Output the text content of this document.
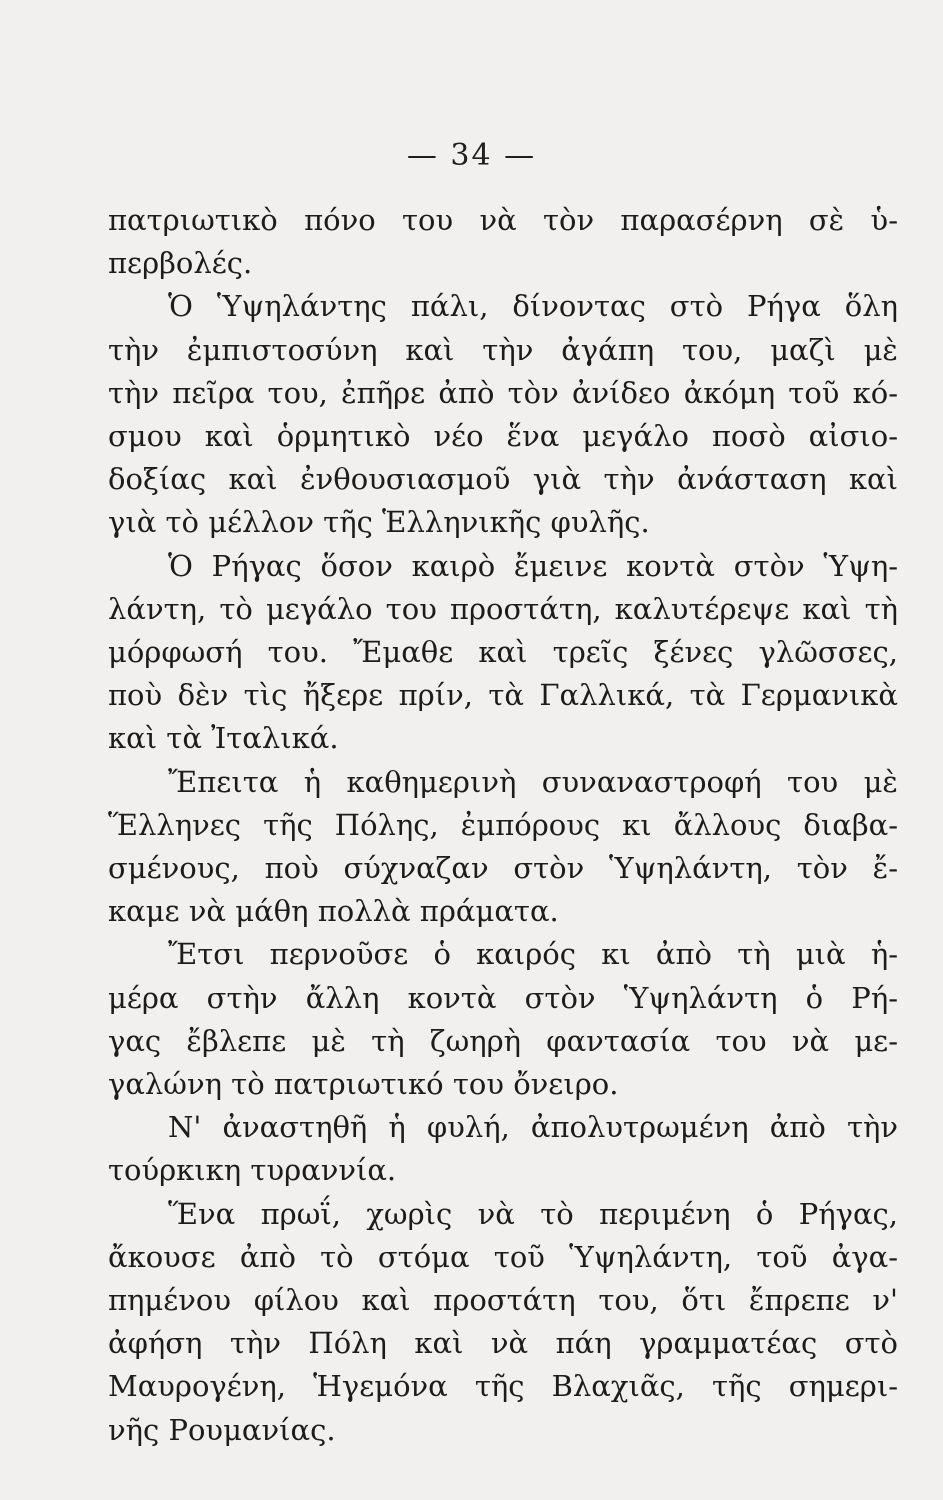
— 34 —
πατριωτικὸ πόνο του νὰ τὸν παρασέρνη σὲ ὑ-
περβολές.
Ὁ Ὑψηλάντης πάλι, δίνοντας στὸ Ρήγα ὅλη
τὴν ἐμπιστοσύνη καὶ τὴν ἀγάπη του, μαζὶ μὲ
τὴν πεῖρα του, ἐπῆρε ἀπὸ τὸν ἀνίδεο ἀκόμη τοῦ κό-
σμου καὶ ὁρμητικὸ νέο ἕνα μεγάλο ποσὸ αἰσιο-
δοξίας καὶ ἐνθουσιασμοῦ γιὰ τὴν ἀνάσταση καὶ
γιὰ τὸ μέλλον τῆς Ἑλληνικῆς φυλῆς.
Ὁ Ρήγας ὅσον καιρὸ ἔμεινε κοντὰ στὸν Ὑψη-
λάντη, τὸ μεγάλο του προστάτη, καλυτέρεψε καὶ τὴ
μόρφωσή του. Ἔμαθε καὶ τρεῖς ξένες γλῶσσες,
ποὺ δὲν τὶς ἤξερε πρίν, τὰ Γαλλικά, τὰ Γερμανικὰ
καὶ τὰ Ἰταλικά.
Ἔπειτα ἡ καθημερινὴ συναναστροφή του μὲ
Ἕλληνες τῆς Πόλης, ἐμπόρους κι ἄλλους διαβα-
σμένους, ποὺ σύχναζαν στὸν Ὑψηλάντη, τὸν ἔ-
καμε νὰ μάθη πολλὰ πράματα.
Ἔτσι περνοῦσε ὁ καιρός κι ἀπὸ τὴ μιὰ ἡ-
μέρα στὴν ἄλλη κοντὰ στὸν Ὑψηλάντη ὁ Ρή-
γας ἔβλεπε μὲ τὴ ζωηρὴ φαντασία του νὰ με-
γαλώνη τὸ πατριωτικό του ὄνειρο.
Ν' ἀναστηθῆ ἡ φυλή, ἀπολυτρωμένη ἀπὸ τὴν
τούρκικη τυραννία.
Ἕνα πρωΐ, χωρὶς νὰ τὸ περιμένη ὁ Ρήγας,
ἄκουσε ἀπὸ τὸ στόμα τοῦ Ὑψηλάντη, τοῦ ἀγα-
πημένου φίλου καὶ προστάτη του, ὅτι ἔπρεπε ν'
ἀφήση τὴν Πόλη καὶ νὰ πάη γραμματέας στὸ
Μαυρογένη, Ἡγεμόνα τῆς Βλαχιᾶς, τῆς σημερι-
νῆς Ρουμανίας.
